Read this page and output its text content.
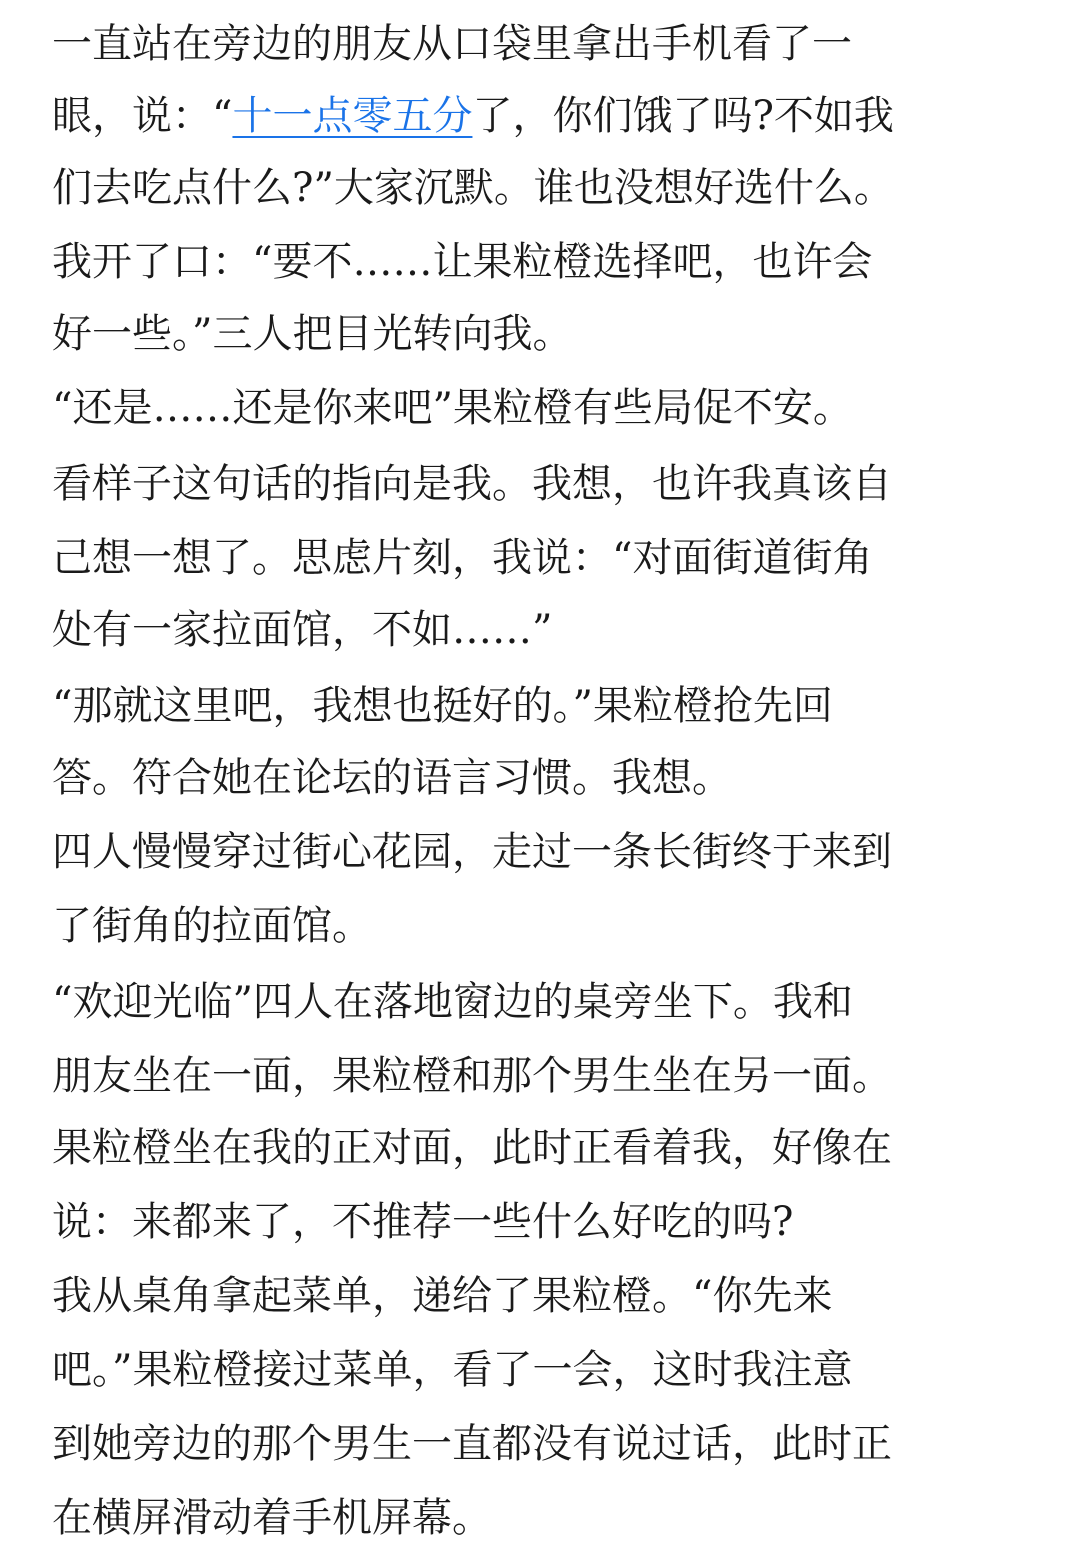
一直站在旁边的朋友从口袋里拿出手机看了一
眼，说：“十一点零五分了，你们饿了吗?不如我
们去吃点什么?”大家沉默。谁也没想好选什么。
我开了口：“要不……让果粒橙选择吧，也许会
好一些。”三人把目光转向我。
“还是……还是你来吧”果粒橙有些局促不安。
看样子这句话的指向是我。我想，也许我真该自
己想一想了。思虑片刻，我说：“对面街道街角
处有一家拉面馆，不如……”
“那就这里吧，我想也挺好的。”果粒橙抢先回
答。符合她在论坛的语言习惯。我想。
四人慢慢穿过街心花园，走过一条长街终于来到
了街角的拉面馆。
“欢迎光临”四人在落地窗边的桌旁坐下。我和
朋友坐在一面，果粒橙和那个男生坐在另一面。
果粒橙坐在我的正对面，此时正看着我，好像在
说：来都来了，不推荐一些什么好吃的吗?
我从桌角拿起菜单，递给了果粒橙。“你先来
吧。”果粒橙接过菜单，看了一会，这时我注意
到她旁边的那个男生一直都没有说过话，此时正
在横屏滑动着手机屏幕。
